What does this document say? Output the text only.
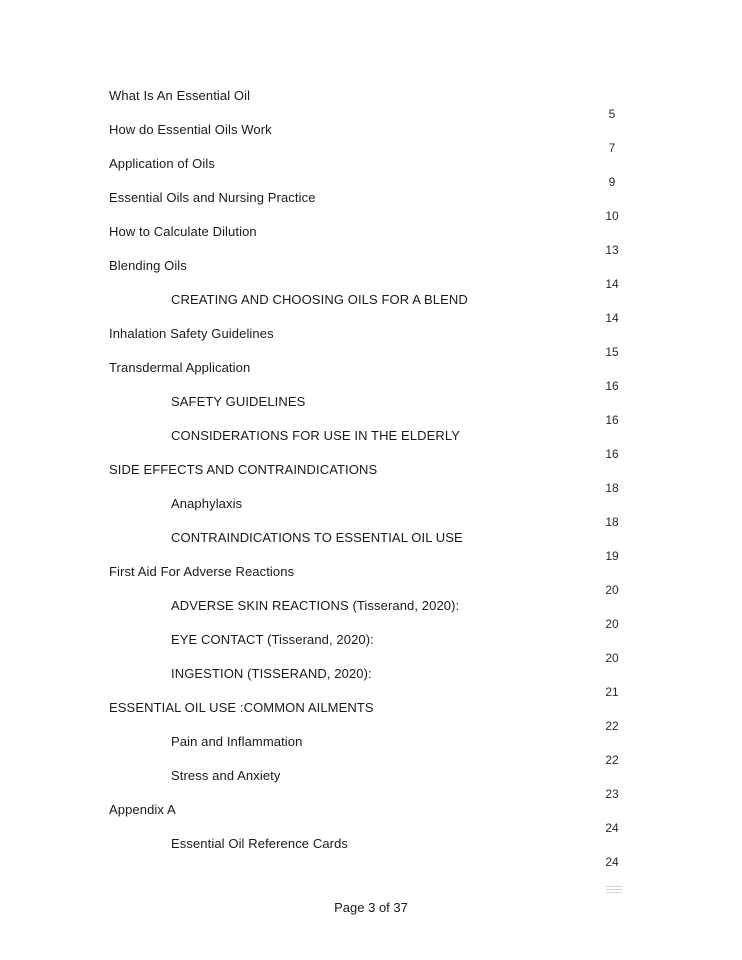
What Is An Essential Oil
How do Essential Oils Work
Application of Oils
Essential Oils and Nursing Practice
How to Calculate Dilution
Blending Oils
CREATING AND CHOOSING OILS FOR A BLEND
Inhalation Safety Guidelines
Transdermal Application
SAFETY GUIDELINES
CONSIDERATIONS FOR USE IN THE ELDERLY
SIDE EFFECTS AND CONTRAINDICATIONS
Anaphylaxis
CONTRAINDICATIONS TO ESSENTIAL OIL USE
First Aid For Adverse Reactions
ADVERSE SKIN REACTIONS (Tisserand, 2020):
EYE CONTACT (Tisserand, 2020):
INGESTION (TISSERAND, 2020):
ESSENTIAL OIL USE :COMMON AILMENTS
Pain and Inflammation
Stress and Anxiety
Appendix A
Essential Oil Reference Cards
5
7
9
10
13
14
14
15
16
16
16
18
18
19
20
20
20
21
22
22
23
24
24
Page 3 of 37
